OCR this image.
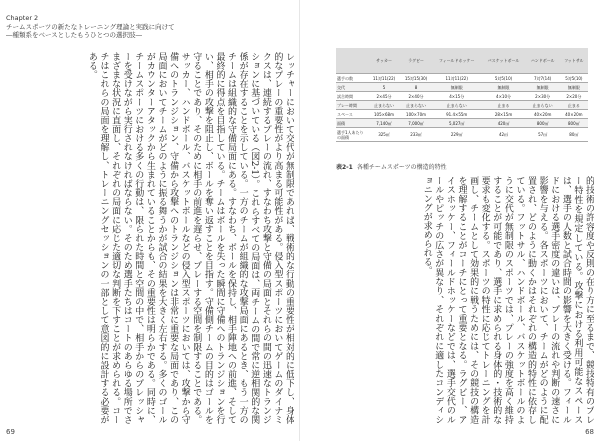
Chapter 2
チームスポーツの新たなトレーニング理論と実践に向けて
―種類系をベースとしたもうひとつの選択肢―

レッチャーにおいて交代が無制限であれば、戦術的な行動の重要性が相対的に低下し、身体的なプレーの重要性がより高まる可能性がある。侵入型スポーツにおいてゲームのダイナミクスは、連続するプレーの流れ、すなわち攻撃と守備の局面とそれらの間の迅速なトランジションに基づいている（図2-1）。これらすべての局面は、両チームの間で常に逆相関的な関係が存在することを示している。一方のチームが組織的な攻撃局面にあるとき、もう一方のチームは組織的な守備局面にある。すなわち、ボールを保持し、相手陣地への前進、そして最終的に得点を目指している。チームはボールを失った瞬間に守備へのトランジションを行い、相手の攻撃を阻止し、ボールを奪い返すことを目指す。守備側チームの目的はゴールを守ることであり、そのために相手の前進を遅らせ、プレーする空間を制限することである。サッカー、ハンドボール、バスケットボールなどの侵入型スポーツにおいては、攻撃から守備へのトランジション、守備から攻撃へのトランジションは非常に重要な局面であり、この局面においてチームがどのように振る舞うかが試合の結果を大きく左右する。多くのゴールがカウンターアタックから生まれていることからも、その重要性は明らかである。同時に、チームスポーツにおける多くの行動は、限られた時間と空間の中で、相手からのプレッシャーを受けながら実行されなければならない。そのため選手たちはコートのあらゆる場所でさまざまな状況に直面し、それぞれの局面に応じた適切な判断を下すことが求められる。コーチはこれらの局面を理解し、トレーニングセッションの一部として意図的に設計する必要がある。

69
	サッカー	ラグビー	フィールドホッケー	バスケットボール	ハンドボール	フットサル
選手の数	11対11(22)	15対15(30)	11対11(22)	5対5(10)	7対7(14)	5対5(10)
交代	5	8	無制限	無制限	無制限	無制限
試合時間	2×45分	2×40分	4×15分	4×10分	2×30分	2×20分
プレー時間	止まらない	止まらない	止まらない	止まる	止まらない	止まる
スペース	105×68m	100×70m	91.4×55m	28×15m	40×20m	40×20m
面積	7,140㎡	7,000㎡	5,027㎡	420㎡	800㎡	800㎡
選手1人あたりの面積	325㎡	233㎡	229㎡	42㎡	57㎡	80㎡
表2-1 各種チームスポーツの構造的特性

的技術の許容度や反則の在り方に至るまで、競技特有のプレー特性を規定している。攻撃における利用可能なスペースは、選手の人数と試合時間の影響を大きく受ける。フィールドにおける選手密度の違いは、プレーの流れや判断の速さに影響を与える。各スポーツにおいて、チームがどのように配置され、どのように動くかはそれぞれの構造的特性に依存している。フットサル、ハンドボール、バスケットボールのように交代が無制限のスポーツでは、プレーの強度を高く維持することが可能であり、選手に求められる身体的・技術的な要求も変化する。スポーツの特性に応じてトレーニングを計画し、チームとして効果的に戦うためには、その競技の構造を理解することがコーチにとって重要となる。ラグビー、アイスホッケー、フィールドホッケーなどでは、選手交代のルールやピッチの広さが異なり、それぞれに適したコンディショニングが求められる。

68
